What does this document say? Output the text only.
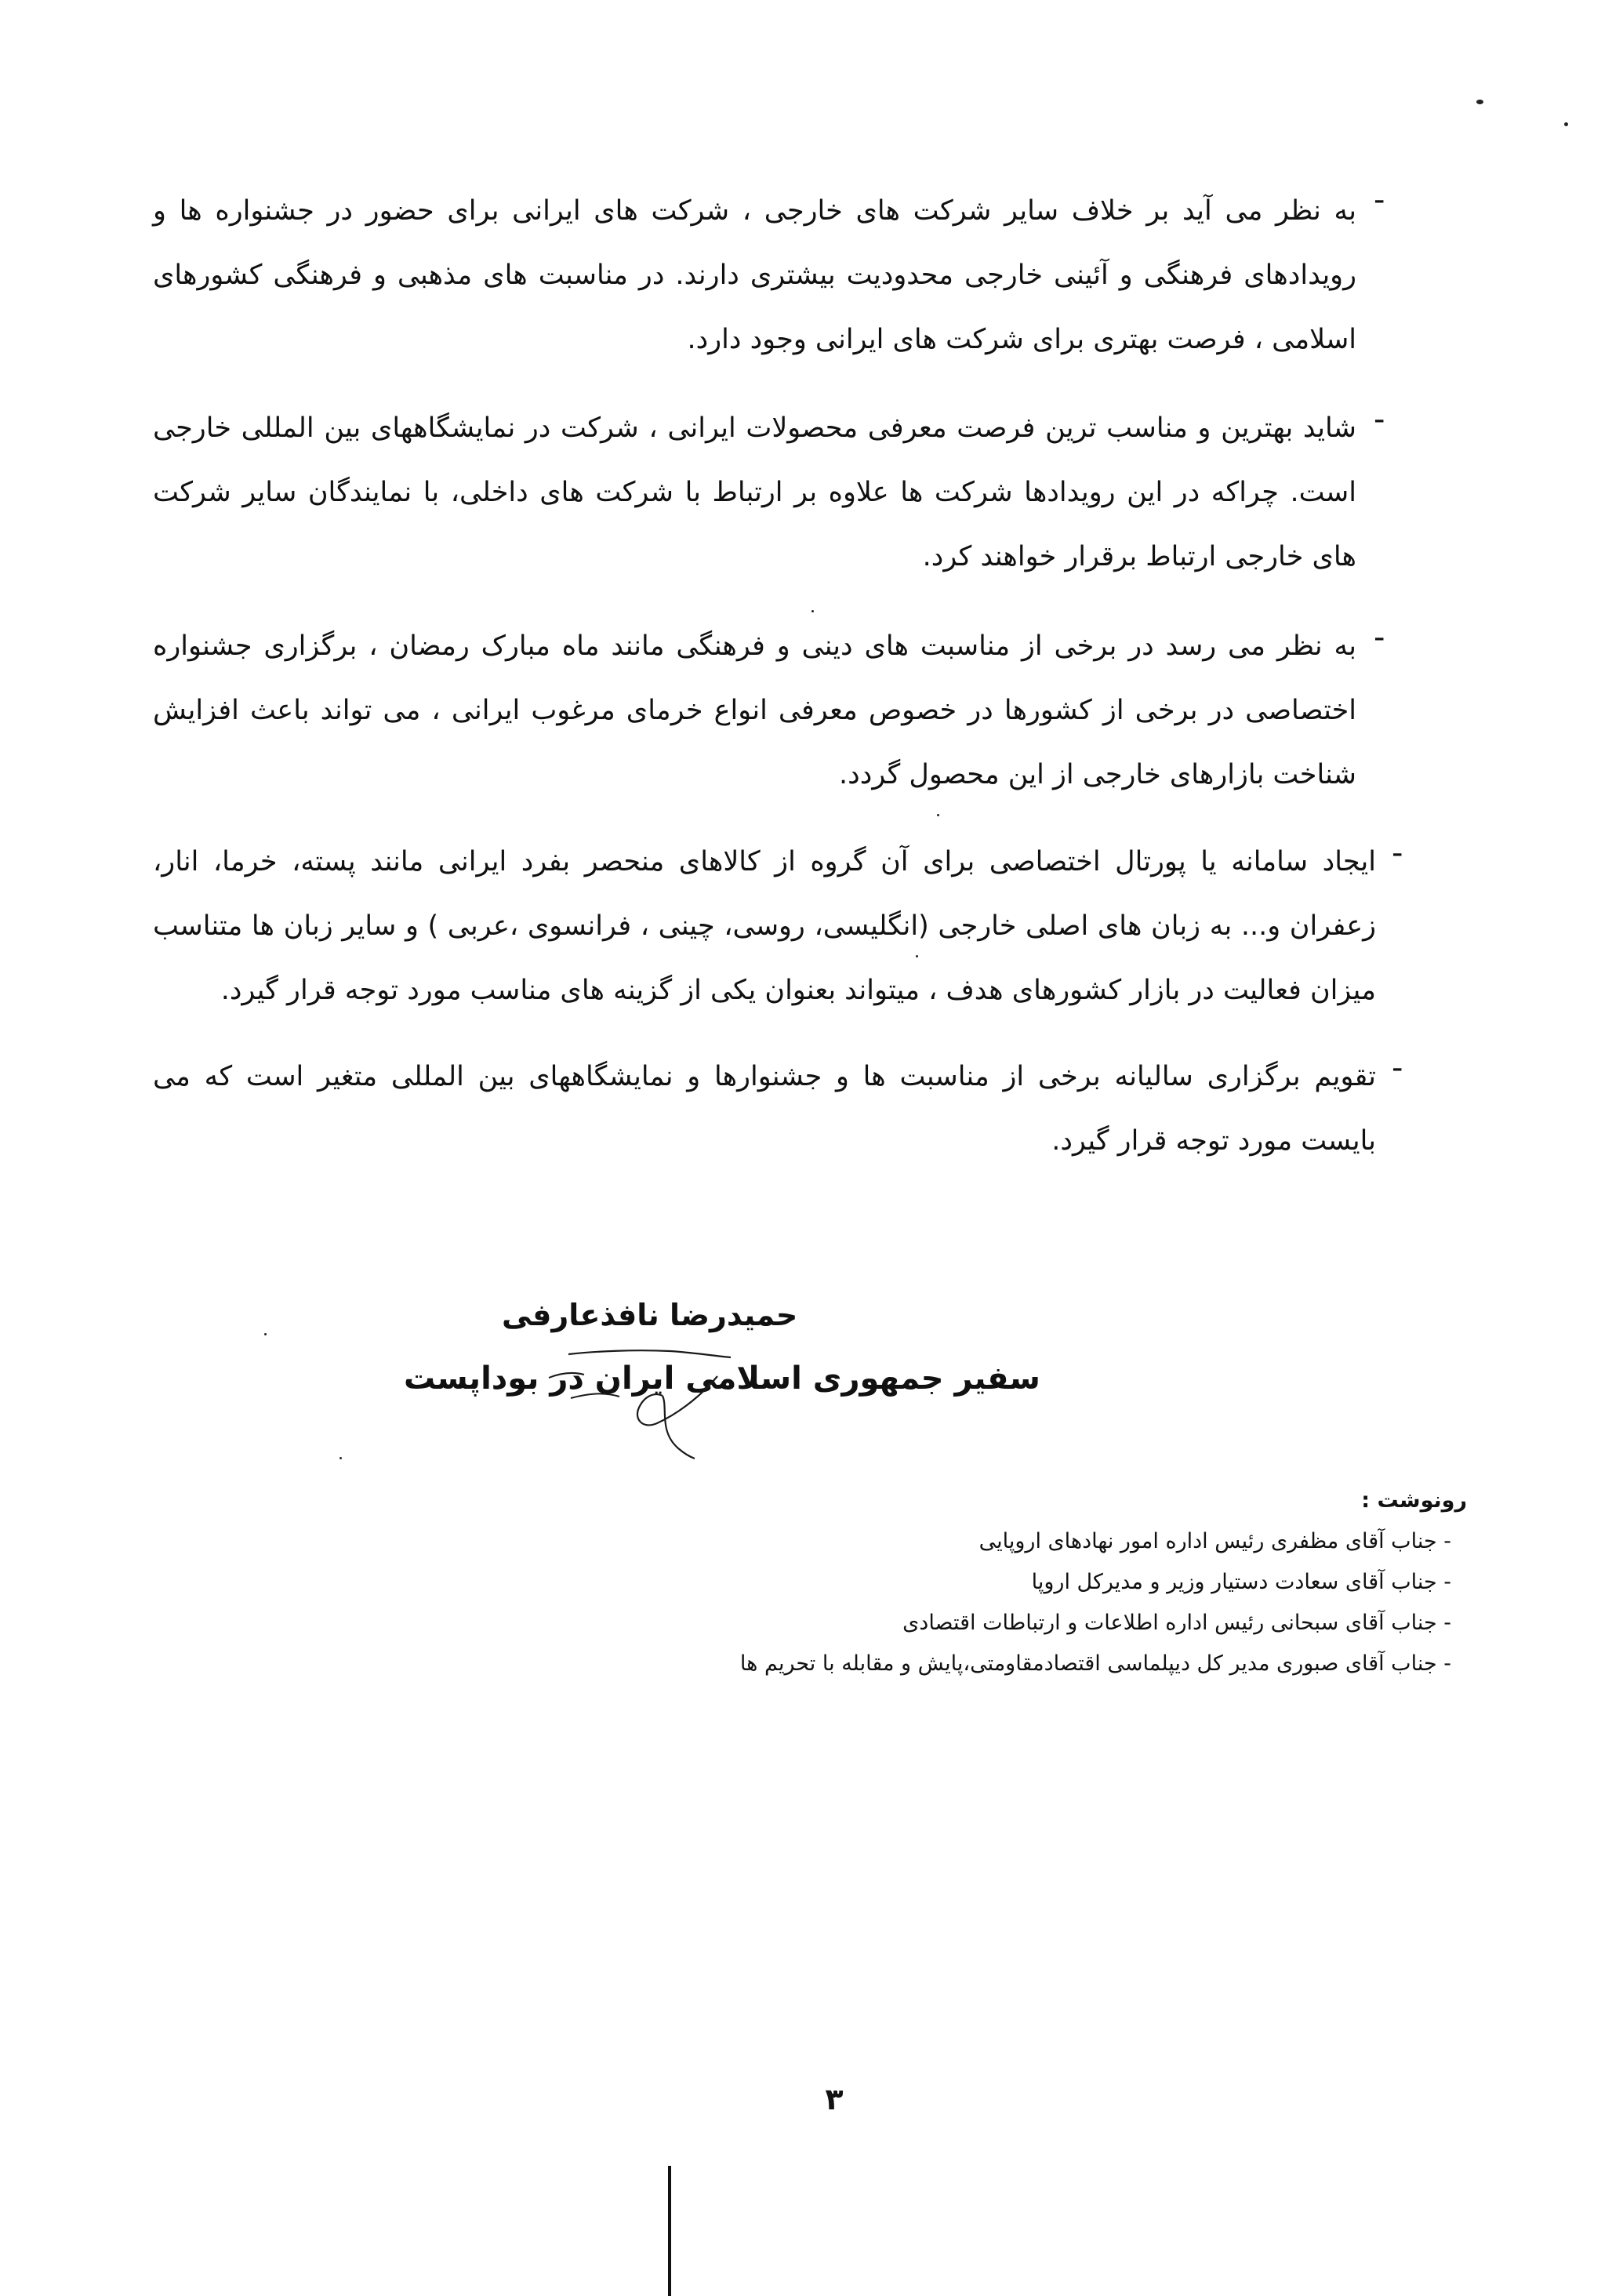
-
به نظر می آید بر خلاف سایر شرکت های خارجی ، شرکت های ایرانی برای حضور در جشنواره ها و رویدادهای فرهنگی و آئینی خارجی محدودیت بیشتری دارند. در مناسبت های مذهبی و فرهنگی کشورهای اسلامی ، فرصت بهتری برای شرکت های ایرانی وجود دارد.
-
شاید بهترین و مناسب ترین فرصت معرفی محصولات ایرانی ، شرکت در نمایشگاههای بین المللی خارجی است. چراکه در این رویدادها شرکت ها علاوه بر ارتباط با شرکت های داخلی، با نمایندگان سایر شرکت های خارجی ارتباط برقرار خواهند کرد.
-
به نظر می رسد در برخی از مناسبت های دینی و فرهنگی مانند ماه مبارک رمضان ، برگزاری جشنواره اختصاصی در برخی از کشورها در خصوص معرفی انواع خرمای مرغوب ایرانی ، می تواند باعث افزایش شناخت بازارهای خارجی از این محصول گردد.
-
ایجاد سامانه یا پورتال اختصاصی برای آن گروه از کالاهای منحصر بفرد ایرانی مانند پسته، خرما، انار، زعفران و... به زبان های اصلی خارجی (انگلیسی، روسی، چینی ، فرانسوی ،عربی ) و سایر زبان ها متناسب میزان فعالیت در بازار کشورهای هدف ، میتواند بعنوان یکی از گزینه های مناسب مورد توجه قرار گیرد.
-
تقویم برگزاری سالیانه برخی از مناسبت ها و جشنوارها و نمایشگاههای بین المللی متغیر است که می بایست مورد توجه قرار گیرد.
حمیدرضا نافذعارفی
سفیر جمهوری اسلامی ایران در بوداپست
رونوشت :
- جناب آقای مظفری رئیس اداره امور نهادهای اروپایی
- جناب آقای سعادت دستیار وزیر و مدیرکل اروپا
- جناب آقای سبحانی رئیس اداره اطلاعات و ارتباطات اقتصادی
- جناب آقای صبوری مدیر کل دیپلماسی اقتصادمقاومتی،پایش و مقابله با تحریم ها
۳
